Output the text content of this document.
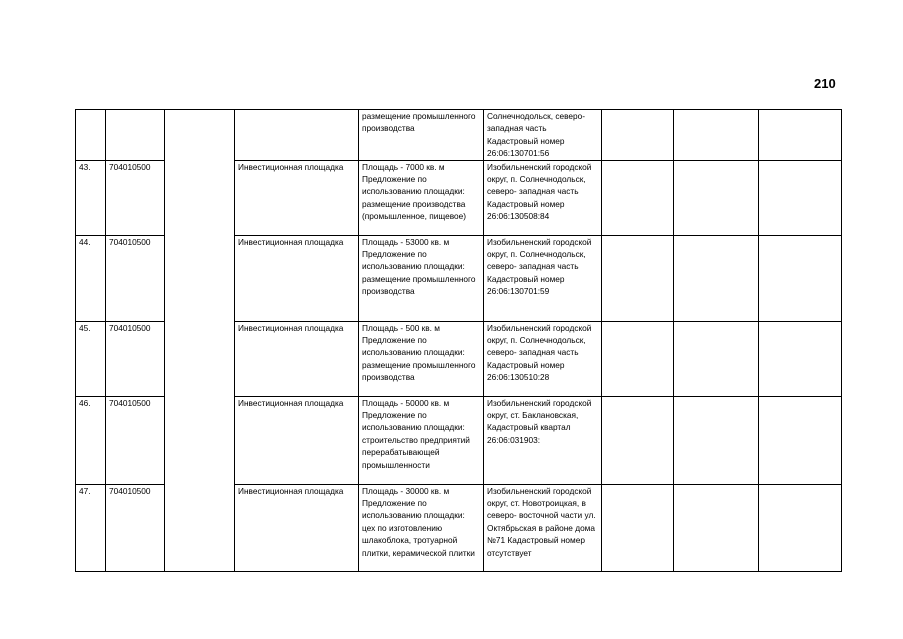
210
				размещение промышленного производства	Солнечнодольск, северо- западная часть Кадастровый номер 26:06:130701:56			
43.	704010500		Инвестиционная площадка	Площадь - 7000 кв. м Предложение по использованию площадки: размещение производства (промышленное, пищевое)	Изобильненский городской округ, п. Солнечнодольск, северо- западная часть Кадастровый номер 26:06:130508:84			
44.	704010500		Инвестиционная площадка	Площадь - 53000 кв. м Предложение по использованию площадки: размещение промышленного производства	Изобильненский городской округ, п. Солнечнодольск, северо- западная часть Кадастровый номер 26:06:130701:59			
45.	704010500		Инвестиционная площадка	Площадь - 500 кв. м Предложение по использованию площадки: размещение промышленного производства	Изобильненский городской округ, п. Солнечнодольск, северо- западная часть Кадастровый номер 26:06:130510:28			
46.	704010500		Инвестиционная площадка	Площадь - 50000 кв. м Предложение по использованию площадки: строительство предприятий перерабатывающей промышленности	Изобильненский городской округ, ст. Баклановская, Кадастровый квартал 26:06:031903:			
47.	704010500		Инвестиционная площадка	Площадь - 30000 кв. м Предложение по использованию площадки: цех по изготовлению шлакоблока, тротуарной плитки, керамической плитки	Изобильненский городской округ, ст. Новотроицкая, в северо- восточной части ул. Октябрьская в районе дома №71 Кадастровый номер отсутствует			
